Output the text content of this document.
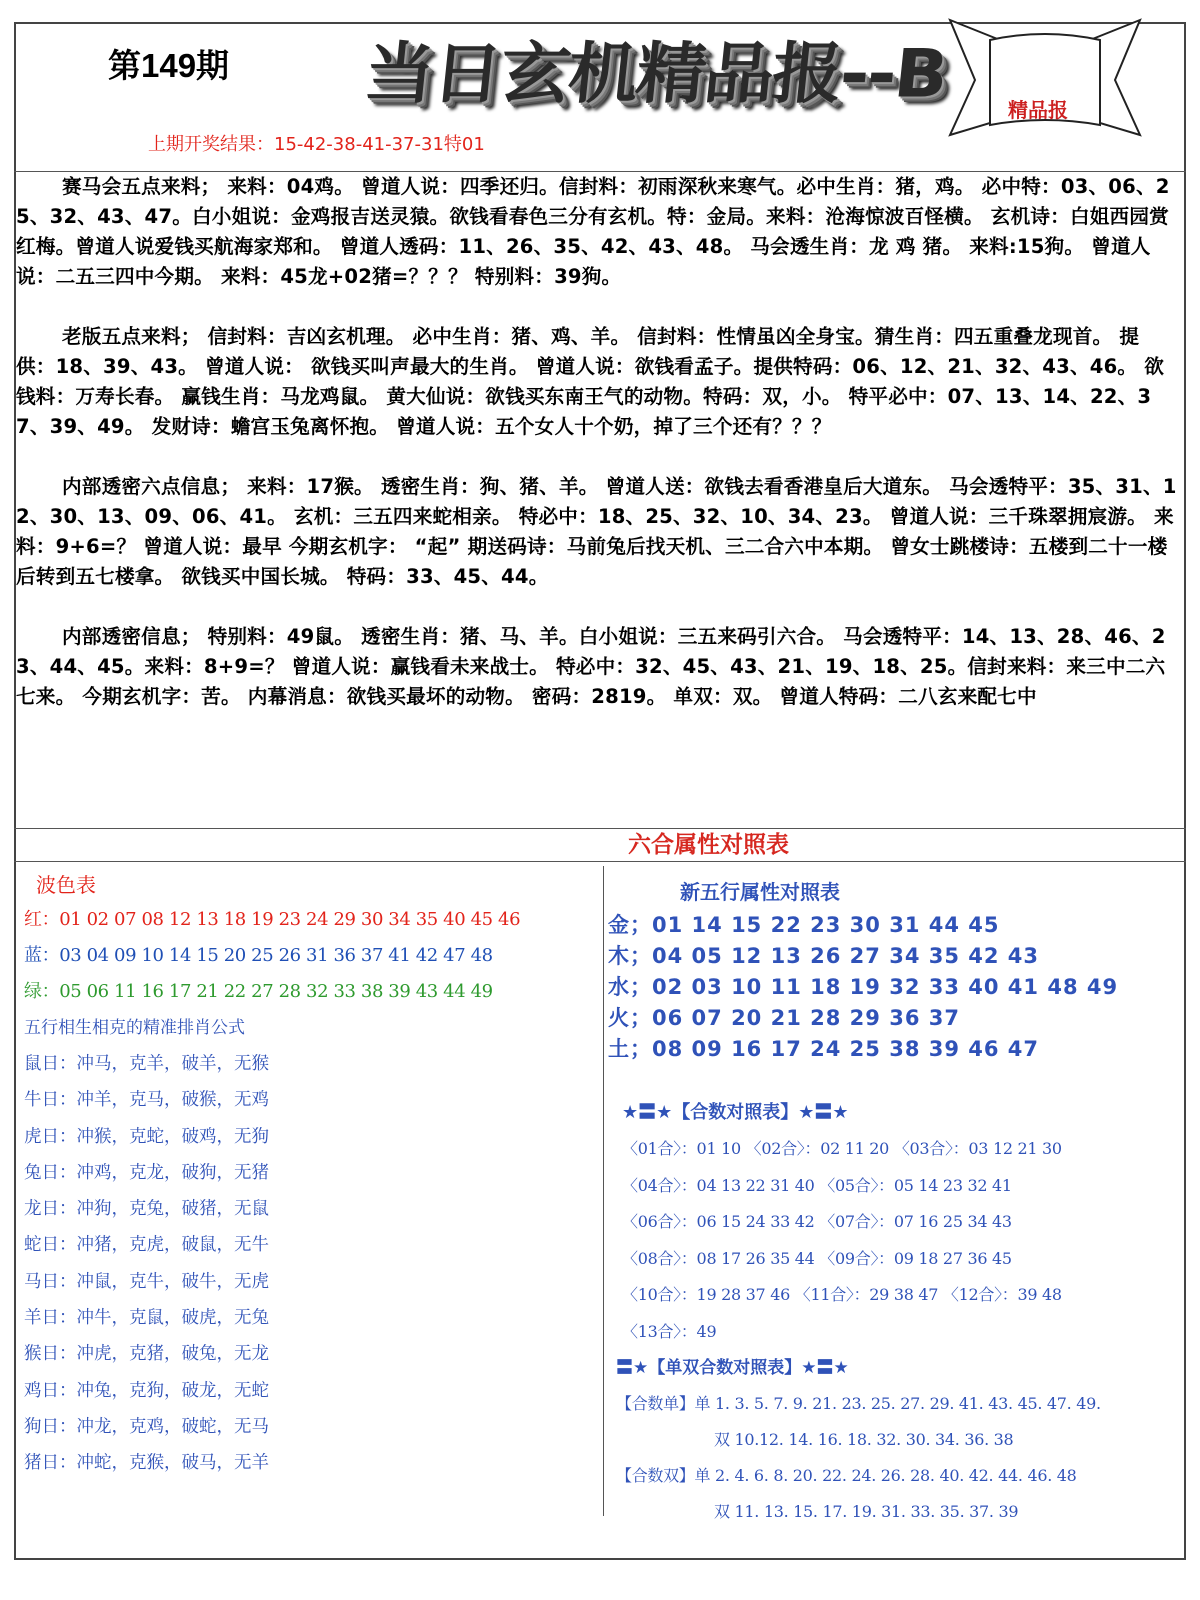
第149期 当日玄机精品报--B	精品报
上期开奖结果：15-42-38-41-37-31特01

赛马会五点来料； 来料：04鸡。 曾道人说：四季还归。信封料：初雨深秋来寒气。必中生肖：猪，鸡。 必中特：03、06、25、32、43、47。白小姐说：金鸡报吉送灵猿。欲钱看春色三分有玄机。特：金局。来料：沧海惊波百怪横。 玄机诗：白姐西园赏红梅。曾道人说爱钱买航海家郑和。 曾道人透码：11、26、35、42、43、48。 马会透生肖：龙 鸡 猪。 来料:15狗。 曾道人说：二五三四中今期。 来料：45龙+02猪=？？？ 特别料：39狗。

老版五点来料； 信封料：吉凶玄机理。 必中生肖：猪、鸡、羊。 信封料：性情虽凶全身宝。猜生肖：四五重叠龙现首。 提供：18、39、43。 曾道人说： 欲钱买叫声最大的生肖。 曾道人说：欲钱看孟子。提供特码：06、12、21、32、43、46。 欲钱料：万寿长春。 赢钱生肖：马龙鸡鼠。 黄大仙说：欲钱买东南王气的动物。特码：双，小。 特平必中：07、13、14、22、37、39、49。 发财诗：蟾宫玉兔离怀抱。 曾道人说：五个女人十个奶，掉了三个还有？？？

内部透密六点信息； 来料：17猴。 透密生肖：狗、猪、羊。 曾道人送：欲钱去看香港皇后大道东。 马会透特平：35、31、12、30、13、09、06、41。 玄机：三五四来蛇相亲。 特必中：18、25、32、10、34、23。 曾道人说：三千珠翠拥宸游。 来料：9+6=？ 曾道人说：最早 今期玄机字： “起” 期送码诗：马前兔后找天机、三二合六中本期。 曾女士跳楼诗：五楼到二十一楼后转到五七楼拿。 欲钱买中国长城。 特码：33、45、44。

内部透密信息； 特别料：49鼠。 透密生肖：猪、马、羊。白小姐说：三五来码引六合。 马会透特平：14、13、28、46、23、44、45。来料：8+9=？ 曾道人说：赢钱看未来战士。 特必中：32、45、43、21、19、18、25。信封来料：来三中二六七来。 今期玄机字：苦。 内幕消息：欲钱买最坏的动物。 密码：2819。 单双：双。 曾道人特码：二八玄来配七中

六合属性对照表
波色表
红：01 02 07 08 12 13 18 19 23 24 29 30 34 35 40 45 46
蓝：03 04 09 10 14 15 20 25 26 31 36 37 41 42 47 48
绿：05 06 11 16 17 21 22 27 28 32 33 38 39 43 44 49
五行相生相克的精准排肖公式
鼠日：冲马，克羊，破羊，无猴
牛日：冲羊，克马，破猴，无鸡
虎日：冲猴，克蛇，破鸡，无狗
兔日：冲鸡，克龙，破狗，无猪
龙日：冲狗，克兔，破猪，无鼠
蛇日：冲猪，克虎，破鼠，无牛
马日：冲鼠，克牛，破牛，无虎
羊日：冲牛，克鼠，破虎，无兔
猴日：冲虎，克猪，破兔，无龙
鸡日：冲兔，克狗，破龙，无蛇
狗日：冲龙，克鸡，破蛇，无马
猪日：冲蛇，克猴，破马，无羊
新五行属性对照表
金；01 14 15 22 23 30 31 44 45
木；04 05 12 13 26 27 34 35 42 43
水；02 03 10 11 18 19 32 33 40 41 48 49
火；06 07 20 21 28 29 36 37
土；08 09 16 17 24 25 38 39 46 47
★〓★【合数对照表】★〓★
〈01合〉：01 10 〈02合〉：02 11 20 〈03合〉：03 12 21 30
〈04合〉：04 13 22 31 40 〈05合〉：05 14 23 32 41
〈06合〉：06 15 24 33 42 〈07合〉：07 16 25 34 43
〈08合〉：08 17 26 35 44 〈09合〉：09 18 27 36 45
〈10合〉：19 28 37 46 〈11合〉：29 38 47 〈12合〉：39 48
〈13合〉：49
〓★【单双合数对照表】★〓★
【合数单】单 1. 3. 5. 7. 9. 21. 23. 25. 27. 29. 41. 43. 45. 47. 49.
双 10.12. 14. 16. 18. 32. 30. 34. 36. 38
【合数双】单 2. 4. 6. 8. 20. 22. 24. 26. 28. 40. 42. 44. 46. 48
双 11. 13. 15. 17. 19. 31. 33. 35. 37. 39
